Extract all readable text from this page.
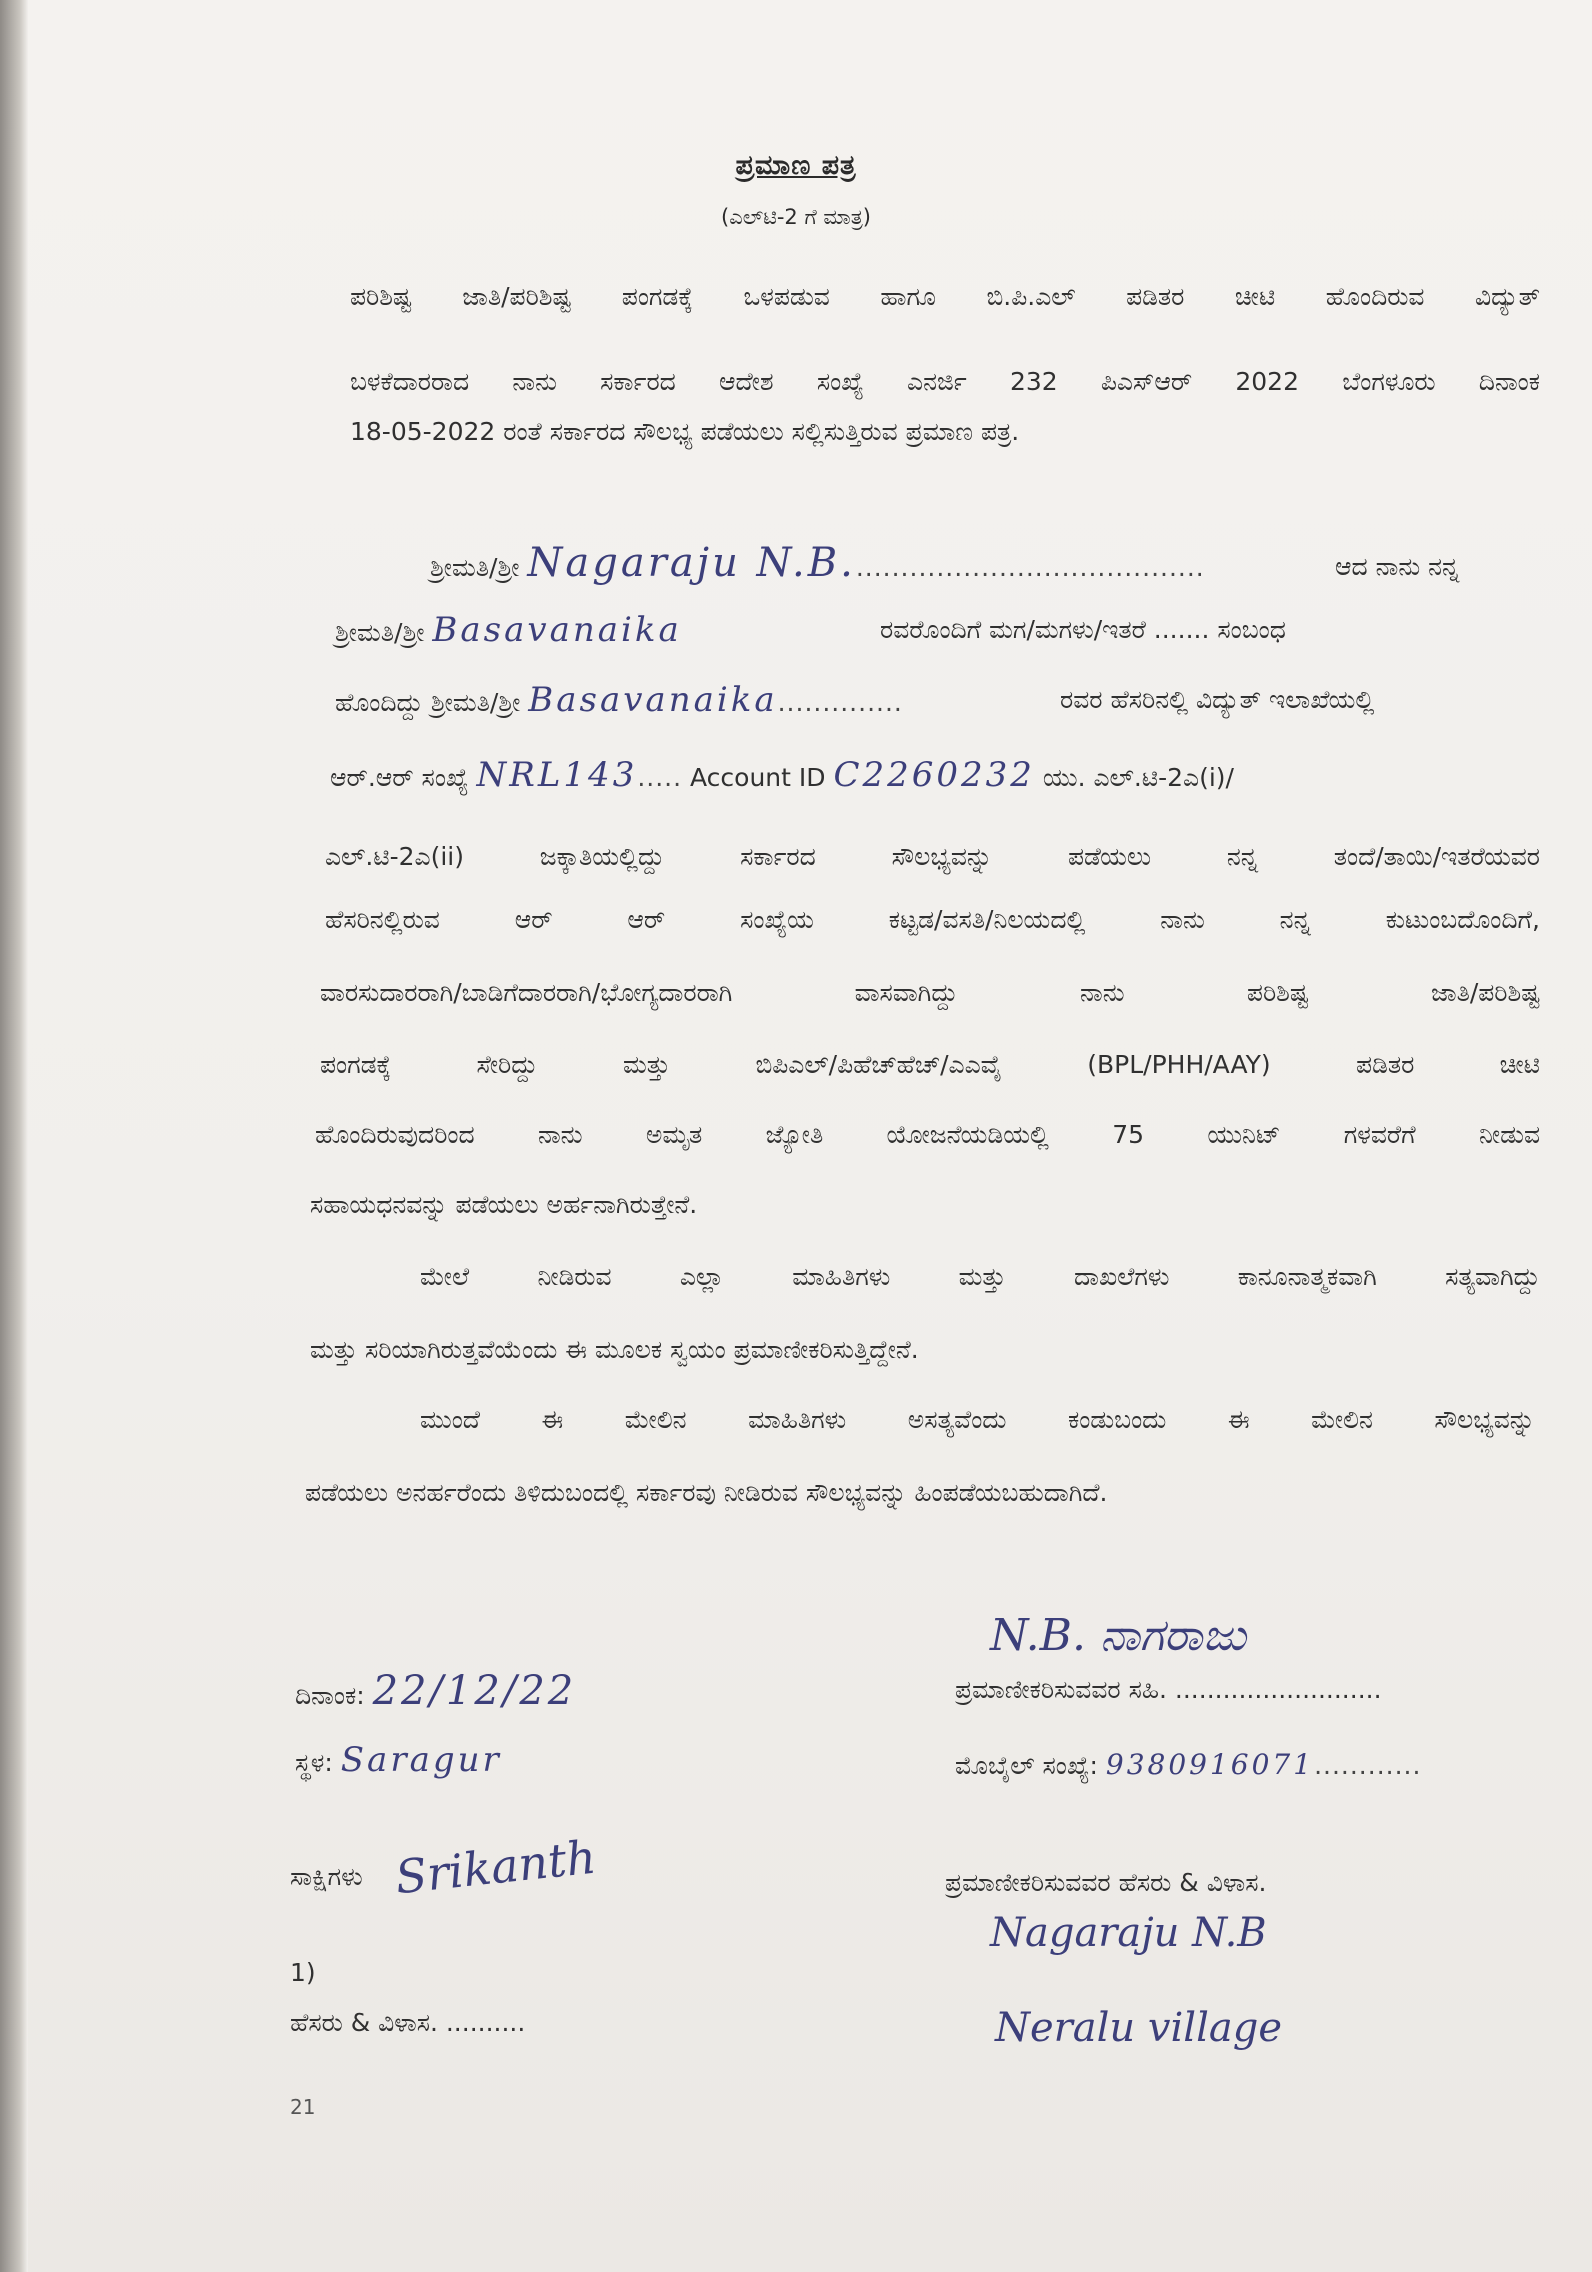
ಪ್ರಮಾಣ ಪತ್ರ
(ಎಲ್‌ಟಿ-2 ಗೆ ಮಾತ್ರ)
ಪರಿಶಿಷ್ಟ ಜಾತಿ/ಪರಿಶಿಷ್ಟ ಪಂಗಡಕ್ಕೆ ಒಳಪಡುವ ಹಾಗೂ ಬಿ.ಪಿ.ಎಲ್ ಪಡಿತರ ಚೀಟಿ ಹೊಂದಿರುವ ವಿದ್ಯುತ್
ಬಳಕೆದಾರರಾದ ನಾನು ಸರ್ಕಾರದ ಆದೇಶ ಸಂಖ್ಯೆ ಎನರ್ಜಿ 232 ಪಿಎಸ್‌ಆರ್ 2022 ಬೆಂಗಳೂರು ದಿನಾಂಕ
18-05-2022 ರಂತೆ ಸರ್ಕಾರದ ಸೌಲಭ್ಯ ಪಡೆಯಲು ಸಲ್ಲಿಸುತ್ತಿರುವ ಪ್ರಮಾಣ ಪತ್ರ.
ಶ್ರೀಮತಿ/ಶ್ರೀ Nagaraju N.B........................................	ಆದ ನಾನು ನನ್ನ
ಶ್ರೀಮತಿ/ಶ್ರೀ Basavanaika	ರವರೊಂದಿಗೆ ಮಗ/ಮಗಳು/ಇತರೆ ....... ಸಂಬಂಧ
ಹೊಂದಿದ್ದು ಶ್ರೀಮತಿ/ಶ್ರೀ Basavanaika..............	ರವರ ಹೆಸರಿನಲ್ಲಿ ವಿದ್ಯುತ್ ಇಲಾಖೆಯಲ್ಲಿ
ಆರ್.ಆರ್ ಸಂಖ್ಯೆ NRL143..... Account ID C2260232 ಯು. ಎಲ್.ಟಿ-2ಎ(i)/
ಎಲ್.ಟಿ-2ಎ(ii) ಜಕ್ಕಾತಿಯಲ್ಲಿದ್ದು ಸರ್ಕಾರದ ಸೌಲಭ್ಯವನ್ನು ಪಡೆಯಲು ನನ್ನ ತಂದೆ/ತಾಯಿ/ಇತರೆಯವರ
ಹೆಸರಿನಲ್ಲಿರುವ ಆರ್ ಆರ್ ಸಂಖ್ಯೆಯ ಕಟ್ಟಡ/ವಸತಿ/ನಿಲಯದಲ್ಲಿ ನಾನು ನನ್ನ ಕುಟುಂಬದೊಂದಿಗೆ,
ವಾರಸುದಾರರಾಗಿ/ಬಾಡಿಗೆದಾರರಾಗಿ/ಭೋಗ್ಯದಾರರಾಗಿ ವಾಸವಾಗಿದ್ದು ನಾನು ಪರಿಶಿಷ್ಟ ಜಾತಿ/ಪರಿಶಿಷ್ಟ
ಪಂಗಡಕ್ಕೆ ಸೇರಿದ್ದು ಮತ್ತು ಬಿಪಿಎಲ್/ಪಿಹೆಚ್‌ಹೆಚ್/ಎಎವೈ (BPL/PHH/AAY) ಪಡಿತರ ಚೀಟಿ
ಹೊಂದಿರುವುದರಿಂದ ನಾನು ಅಮೃತ ಜ್ಯೋತಿ ಯೋಜನೆಯಡಿಯಲ್ಲಿ 75 ಯುನಿಟ್ ಗಳವರೆಗೆ ನೀಡುವ
ಸಹಾಯಧನವನ್ನು ಪಡೆಯಲು ಅರ್ಹನಾಗಿರುತ್ತೇನೆ.
ಮೇಲೆ ನೀಡಿರುವ ಎಲ್ಲಾ ಮಾಹಿತಿಗಳು ಮತ್ತು ದಾಖಲೆಗಳು ಕಾನೂನಾತ್ಮಕವಾಗಿ ಸತ್ಯವಾಗಿದ್ದು
ಮತ್ತು ಸರಿಯಾಗಿರುತ್ತವೆಯೆಂದು ಈ ಮೂಲಕ ಸ್ವಯಂ ಪ್ರಮಾಣೀಕರಿಸುತ್ತಿದ್ದೇನೆ.
ಮುಂದೆ ಈ ಮೇಲಿನ ಮಾಹಿತಿಗಳು ಅಸತ್ಯವೆಂದು ಕಂಡುಬಂದು ಈ ಮೇಲಿನ ಸೌಲಭ್ಯವನ್ನು
ಪಡೆಯಲು ಅನರ್ಹರೆಂದು ತಿಳಿದುಬಂದಲ್ಲಿ ಸರ್ಕಾರವು ನೀಡಿರುವ ಸೌಲಭ್ಯವನ್ನು ಹಿಂಪಡೆಯಬಹುದಾಗಿದೆ.
ದಿನಾಂಕ: 22/12/22
ಸ್ಥಳ: Saragur
ಸಾಕ್ಷಿಗಳು Srikanth
1)
ಹೆಸರು & ವಿಳಾಸ. ..........
21
N.B. ನಾಗರಾಜು
ಪ್ರಮಾಣೀಕರಿಸುವವರ ಸಹಿ. ..........................
ಮೊಬೈಲ್ ಸಂಖ್ಯೆ: 9380916071............
ಪ್ರಮಾಣೀಕರಿಸುವವರ ಹೆಸರು & ವಿಳಾಸ.
Nagaraju N.B
Neralu village
